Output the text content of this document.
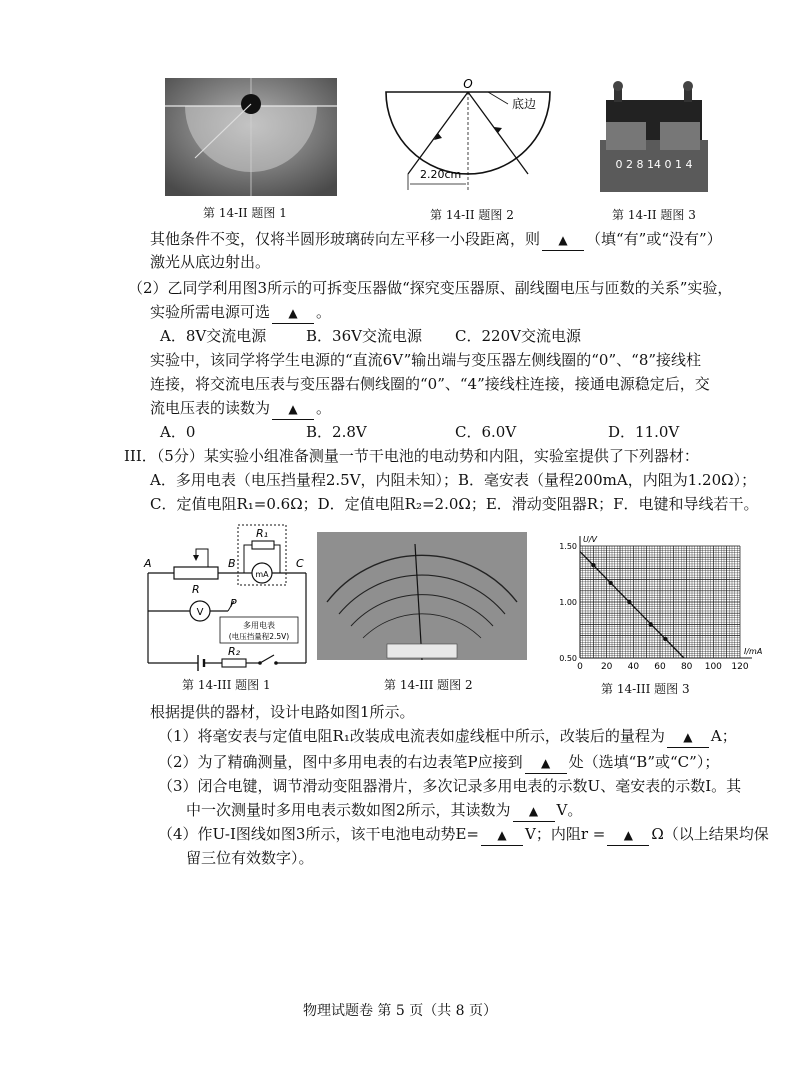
第 14-II 题图 1
O
底边
2.20cm
第 14-II 题图 2
0 2 8 14 0 1 4
第 14-II 题图 3
其他条件不变，仅将半圆形玻璃砖向左平移一小段距离，则 ▲ （填“有”或“没有”）
激光从底边射出。
（2）乙同学利用图3所示的可拆变压器做“探究变压器原、副线圈电压与匝数的关系”实验，
实验所需电源可选 ▲ 。
A．8V交流电源	B．36V交流电源 C．220V交流电源
实验中，该同学将学生电源的“直流6V”输出端与变压器左侧线圈的“0”、“8”接线柱
连接，将交流电压表与变压器右侧线圈的“0”、“4”接线柱连接，接通电源稳定后，交
流电压表的读数为 ▲ 。
A．0	B．2.8V	C．6.0V	D．11.0V
III．（5分）某实验小组准备测量一节干电池的电动势和内阻，实验室提供了下列器材：
A．多用电表（电压挡量程2.5V，内阻未知）；B．毫安表（量程200mA，内阻为1.20Ω）；
C．定值电阻R₁=0.6Ω；D．定值电阻R₂=2.0Ω；E．滑动变阻器R；F．电键和导线若干。
A
R
B	C
R₁
mA
V
P
多用电表
(电压挡量程2.5V)
R₂
第 14-III 题图 1	第 14-III 题图 2
0 20 40 60 80 100 120
0.50
1.00
1.50
I/mA
U/V
第 14-III 题图 3
根据提供的器材，设计电路如图1所示。
（1）将毫安表与定值电阻R₁改装成电流表如虚线框中所示，改装后的量程为 ▲ A；
（2）为了精确测量，图中多用电表的右边表笔P应接到 ▲ 处（选填“B”或“C”）；
（3）闭合电键，调节滑动变阻器滑片，多次记录多用电表的示数U、毫安表的示数I。其
中一次测量时多用电表示数如图2所示，其读数为 ▲ V。
（4）作U-I图线如图3所示，该干电池电动势E= ▲ V；内阻r = ▲ Ω（以上结果均保
留三位有效数字）。
物理试题卷 第 5 页（共 8 页）
